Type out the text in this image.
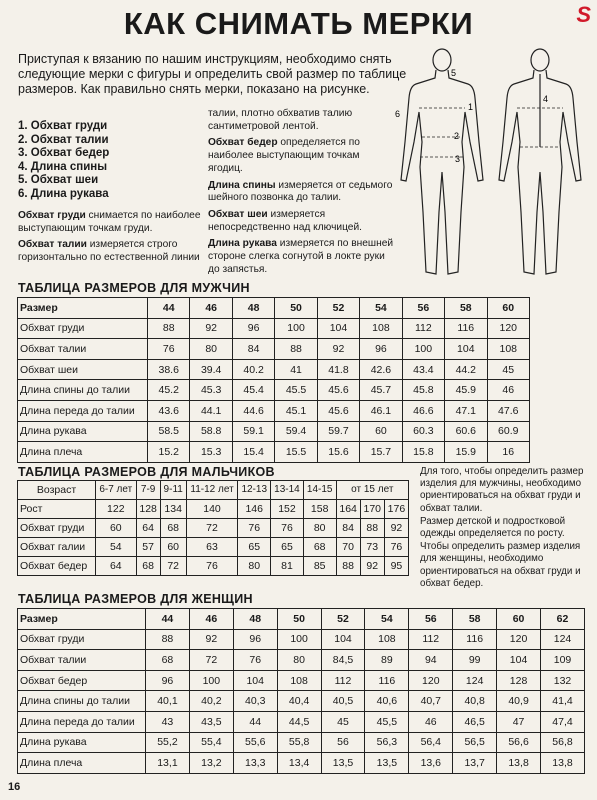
КАК СНИМАТЬ МЕРКИ	S
Приступая к вязанию по нашим инструкциям, необходимо снять следующие мерки с фигуры и определить свой размер по таблице размеров. Как правильно снять мерки, показано на рисунке.
1. Обхват груди
2. Обхват талии
3. Обхват бедер
4. Длина спины
5. Обхват шеи
6. Длина рукава

Обхват груди снимается по наиболее выступающим точкам груди.

Обхват талии измеряется строго горизонтально по естественной линии

талии, плотно обхватив талию сантиметровой лентой.

Обхват бедер определяется по наиболее выступающим точкам ягодиц.

Длина спины измеряется от седьмого шейного позвонка до талии.

Обхват шеи измеряется непосредственно над ключицей.

Длина рукава измеряется по внешней стороне слегка согнутой в локте руки до запястья.

1
2
3
4
5
6
ТАБЛИЦА РАЗМЕРОВ ДЛЯ МУЖЧИН
Размер	44	46	48	50	52	54	56	58	60
Обхват груди	88	92	96	100	104	108	112	116	120
Обхват талии	76	80	84	88	92	96	100	104	108
Обхват шеи	38.6	39.4	40.2	41	41.8	42.6	43.4	44.2	45
Длина спины до талии	45.2	45.3	45.4	45.5	45.6	45.7	45.8	45.9	46
Длина переда до талии	43.6	44.1	44.6	45.1	45.6	46.1	46.6	47.1	47.6
Длина рукава	58.5	58.8	59.1	59.4	59.7	60	60.3	60.6	60.9
Длина плеча	15.2	15.3	15.4	15.5	15.6	15.7	15.8	15.9	16
ТАБЛИЦА РАЗМЕРОВ ДЛЯ МАЛЬЧИКОВ
Возраст	6-7 лет	7-9	9-11	11-12 лет	12-13	13-14	14-15	от 15 лет		
Рост	122	128	134	140	146	152	158	164	170	176
Обхват груди	60	64	68	72	76	76	80	84	88	92
Обхват галии	54	57	60	63	65	65	68	70	73	76
Обхват бедер	64	68	72	76	80	81	85	88	92	95

Для того, чтобы определить размер изделия для мужчины, необходимо ориентироваться на обхват груди и обхват талии.

Размер детской и подростковой одежды определяется по росту.

Чтобы определить размер изделия для женщины, необходимо ориентироваться на обхват груди и обхват бедер.

ТАБЛИЦА РАЗМЕРОВ ДЛЯ ЖЕНЩИН
Размер	44	46	48	50	52	54	56	58	60	62
Обхват груди	88	92	96	100	104	108	112	116	120	124
Обхват талии	68	72	76	80	84,5	89	94	99	104	109
Обхват бедер	96	100	104	108	112	116	120	124	128	132
Длина спины до талии	40,1	40,2	40,3	40,4	40,5	40,6	40,7	40,8	40,9	41,4
Длина переда до талии	43	43,5	44	44,5	45	45,5	46	46,5	47	47,4
Длина рукава	55,2	55,4	55,6	55,8	56	56,3	56,4	56,5	56,6	56,8
Длина плеча	13,1	13,2	13,3	13,4	13,5	13,5	13,6	13,7	13,8	13,8
16
